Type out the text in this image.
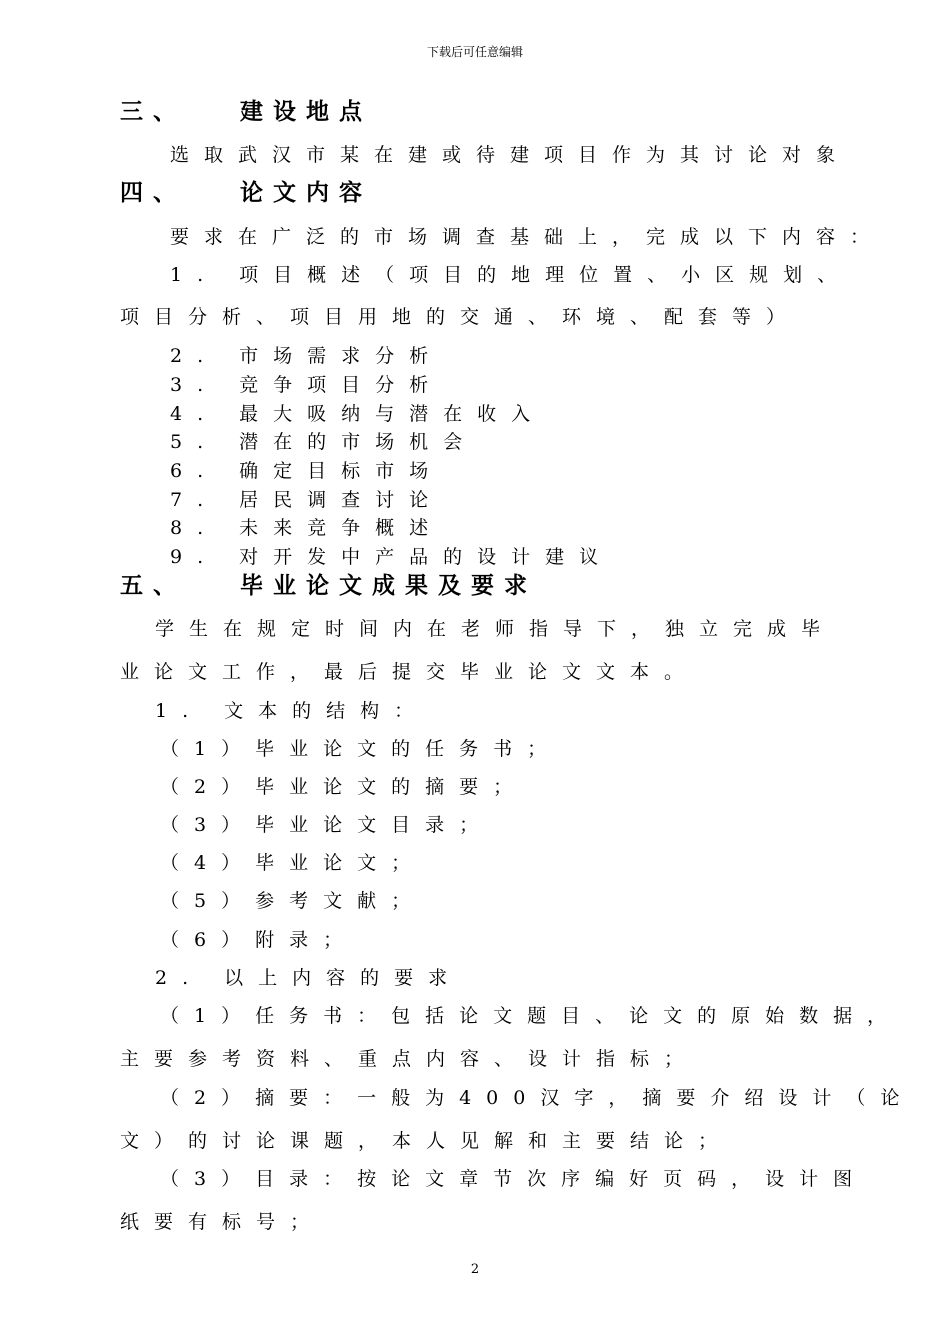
下载后可任意编辑
三、 建设地点
选取武汉市某在建或待建项目作为其讨论对象
四、 论文内容
要求在广泛的市场调查基础上，完成以下内容：
1. 项目概述（项目的地理位置、小区规划、
项目分析、项目用地的交通、环境、配套等）
2. 市场需求分析
3. 竞争项目分析
4. 最大吸纳与潜在收入
5. 潜在的市场机会
6. 确定目标市场
7. 居民调查讨论
8. 未来竞争概述
9. 对开发中产品的设计建议
五、 毕业论文成果及要求
学生在规定时间内在老师指导下，独立完成毕
业论文工作，最后提交毕业论文文本。
1. 文本的结构：
（1）毕业论文的任务书；
（2）毕业论文的摘要；
（3）毕业论文目录；
（4）毕业论文；
（5）参考文献；
（6）附录；
2. 以上内容的要求
（1）任务书：包括论文题目、论文的原始数据，
主要参考资料、重点内容、设计指标；
（2）摘要：一般为400汉字，摘要介绍设计（论
文）的讨论课题，本人见解和主要结论；
（3）目录：按论文章节次序编好页码，设计图
纸要有标号；
2
